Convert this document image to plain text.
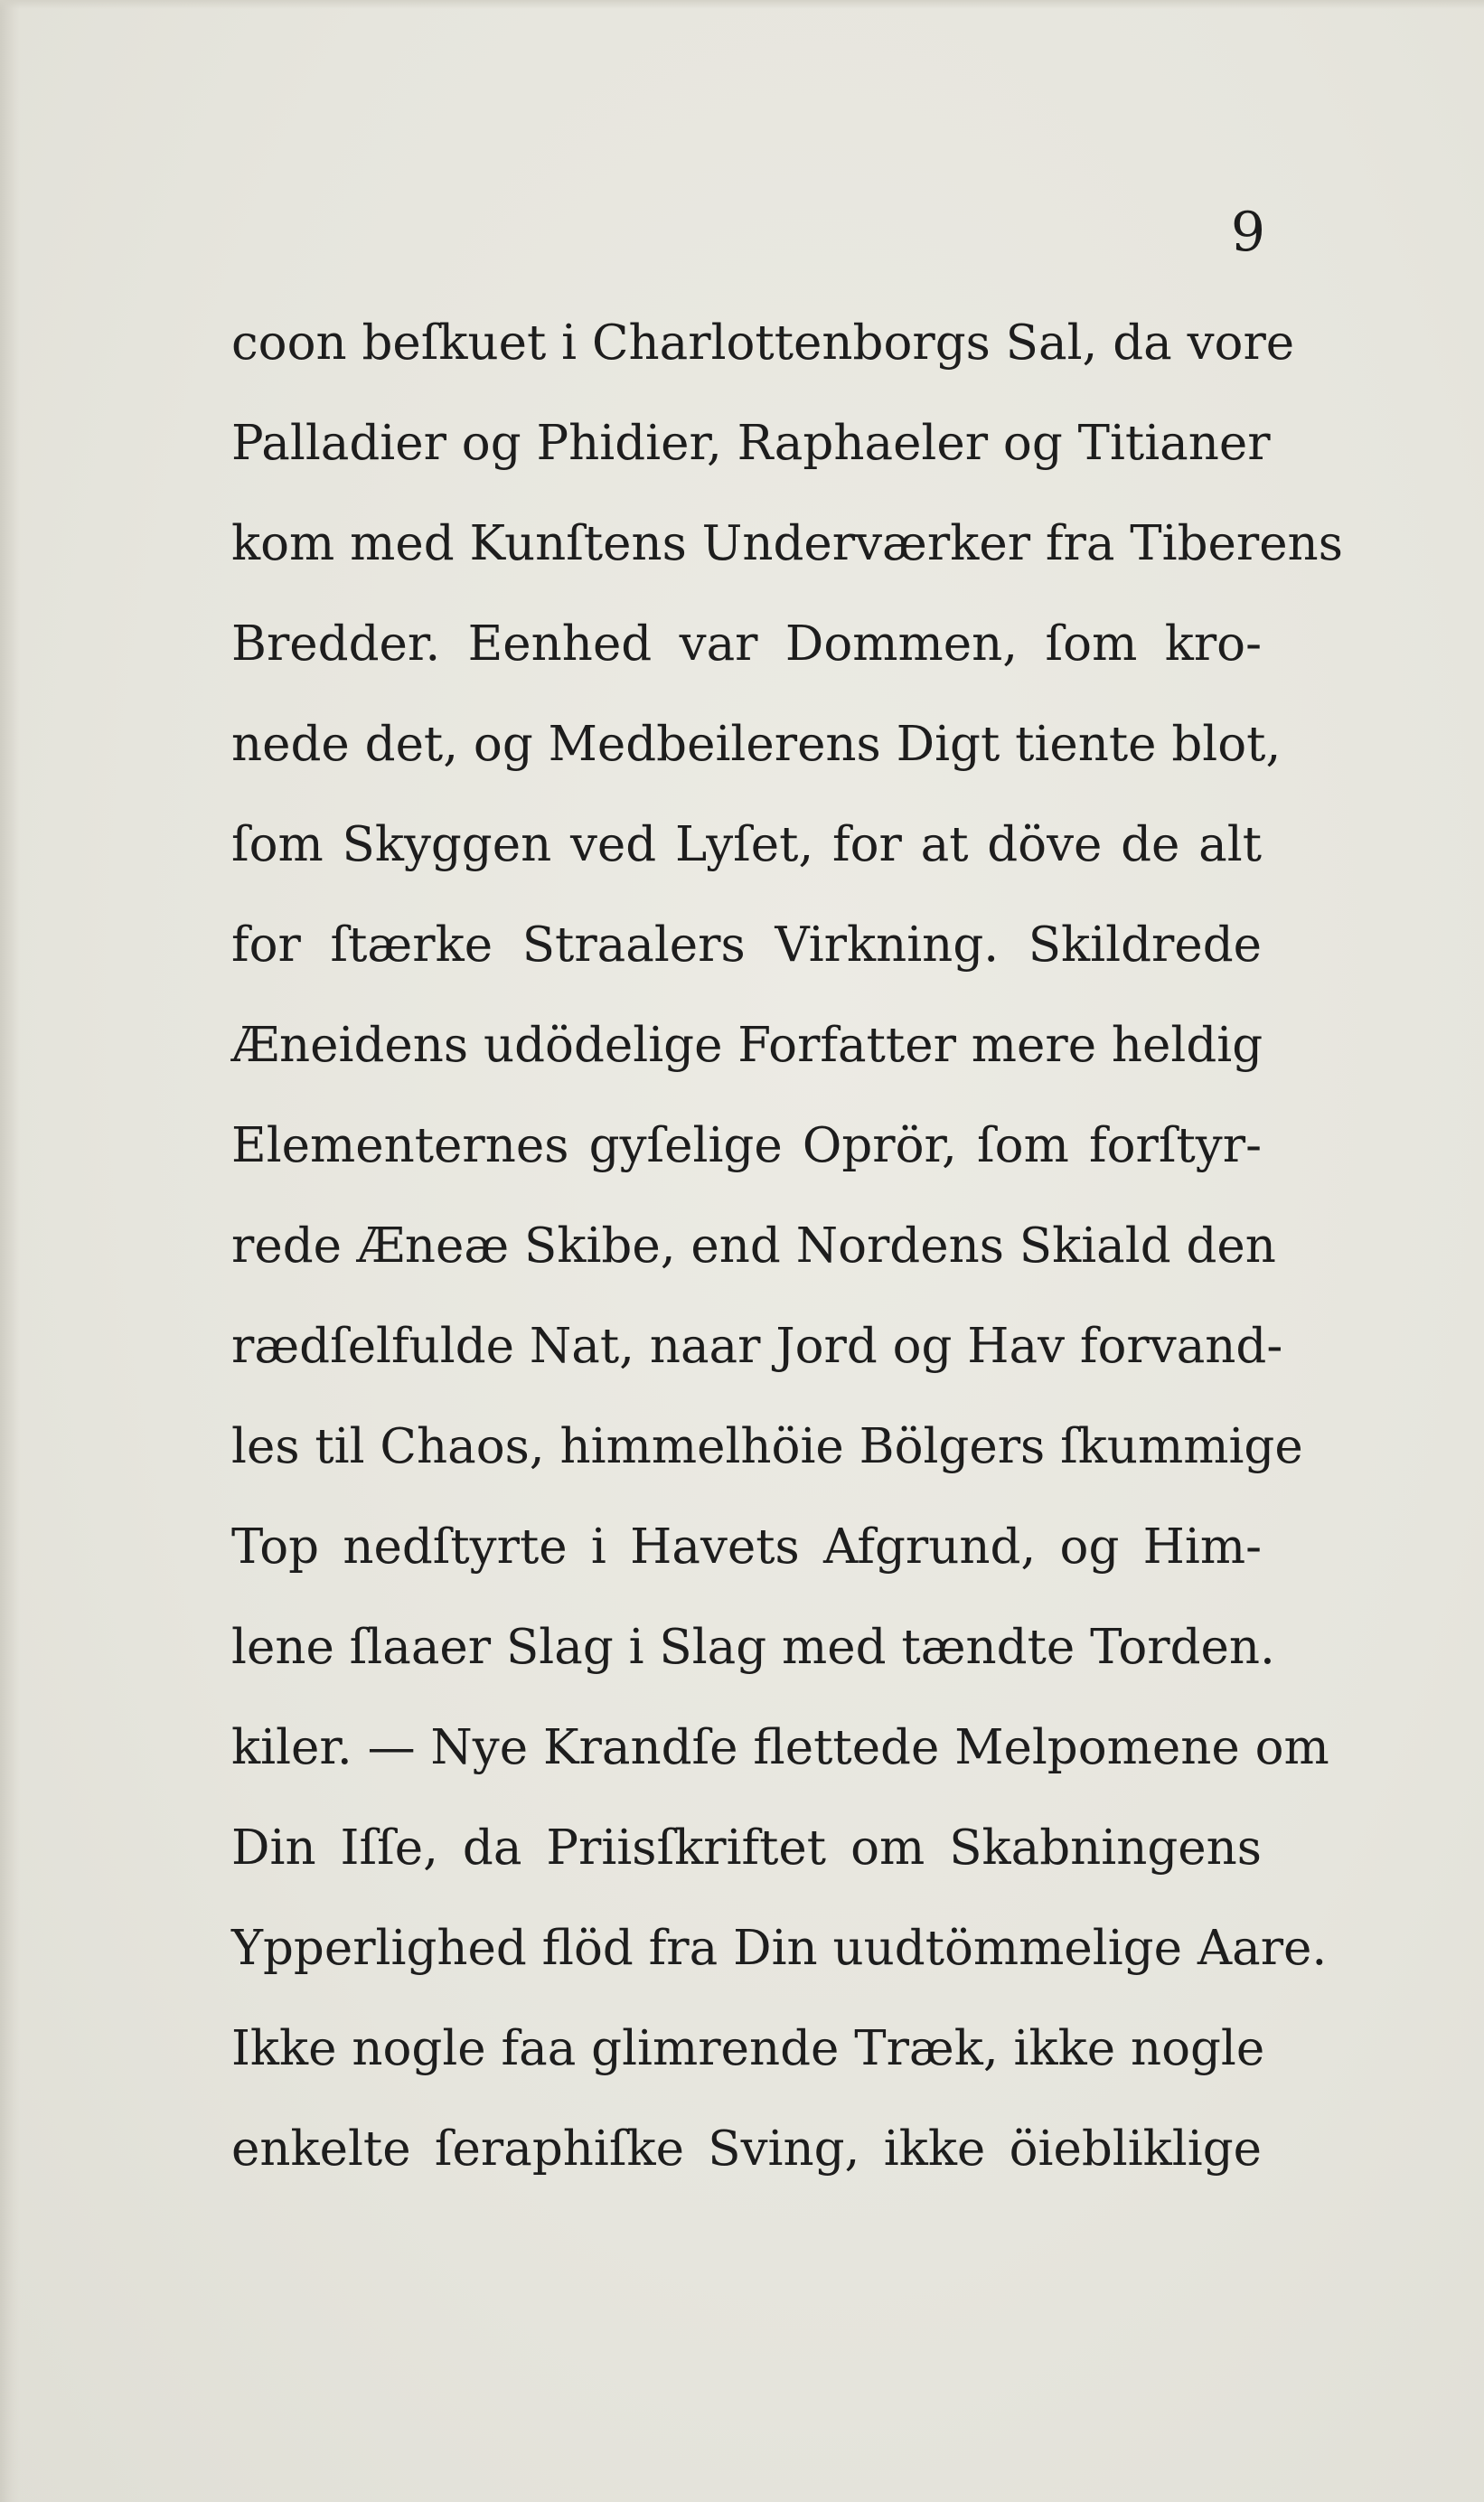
9
coon beſkuet i Charlottenborgs Sal, da vore
Palladier og Phidier, Raphaeler og Titianer
kom med Kunſtens Underværker fra Tiberens
Bredder. Eenhed var Dommen, ſom kro-
nede det, og Medbeilerens Digt tiente blot,
ſom Skyggen ved Lyſet, for at döve de alt
for ſtærke Straalers Virkning. Skildrede
Æneidens udödelige Forfatter mere heldig
Elementernes gyſelige Oprör, ſom forſtyr-
rede Æneæ Skibe, end Nordens Skiald den
rædſelfulde Nat, naar Jord og Hav forvand-
les til Chaos, himmelhöie Bölgers ſkummige
Top nedſtyrte i Havets Afgrund, og Him-
lene ſlaaer Slag i Slag med tændte Torden.
kiler. — Nye Krandſe flettede Melpomene om
Din Iſſe, da Priisſkriftet om Skabningens
Ypperlighed flöd fra Din uudtömmelige Aare.
Ikke nogle faa glimrende Træk, ikke nogle
enkelte ſeraphiſke Sving, ikke öiebliklige
